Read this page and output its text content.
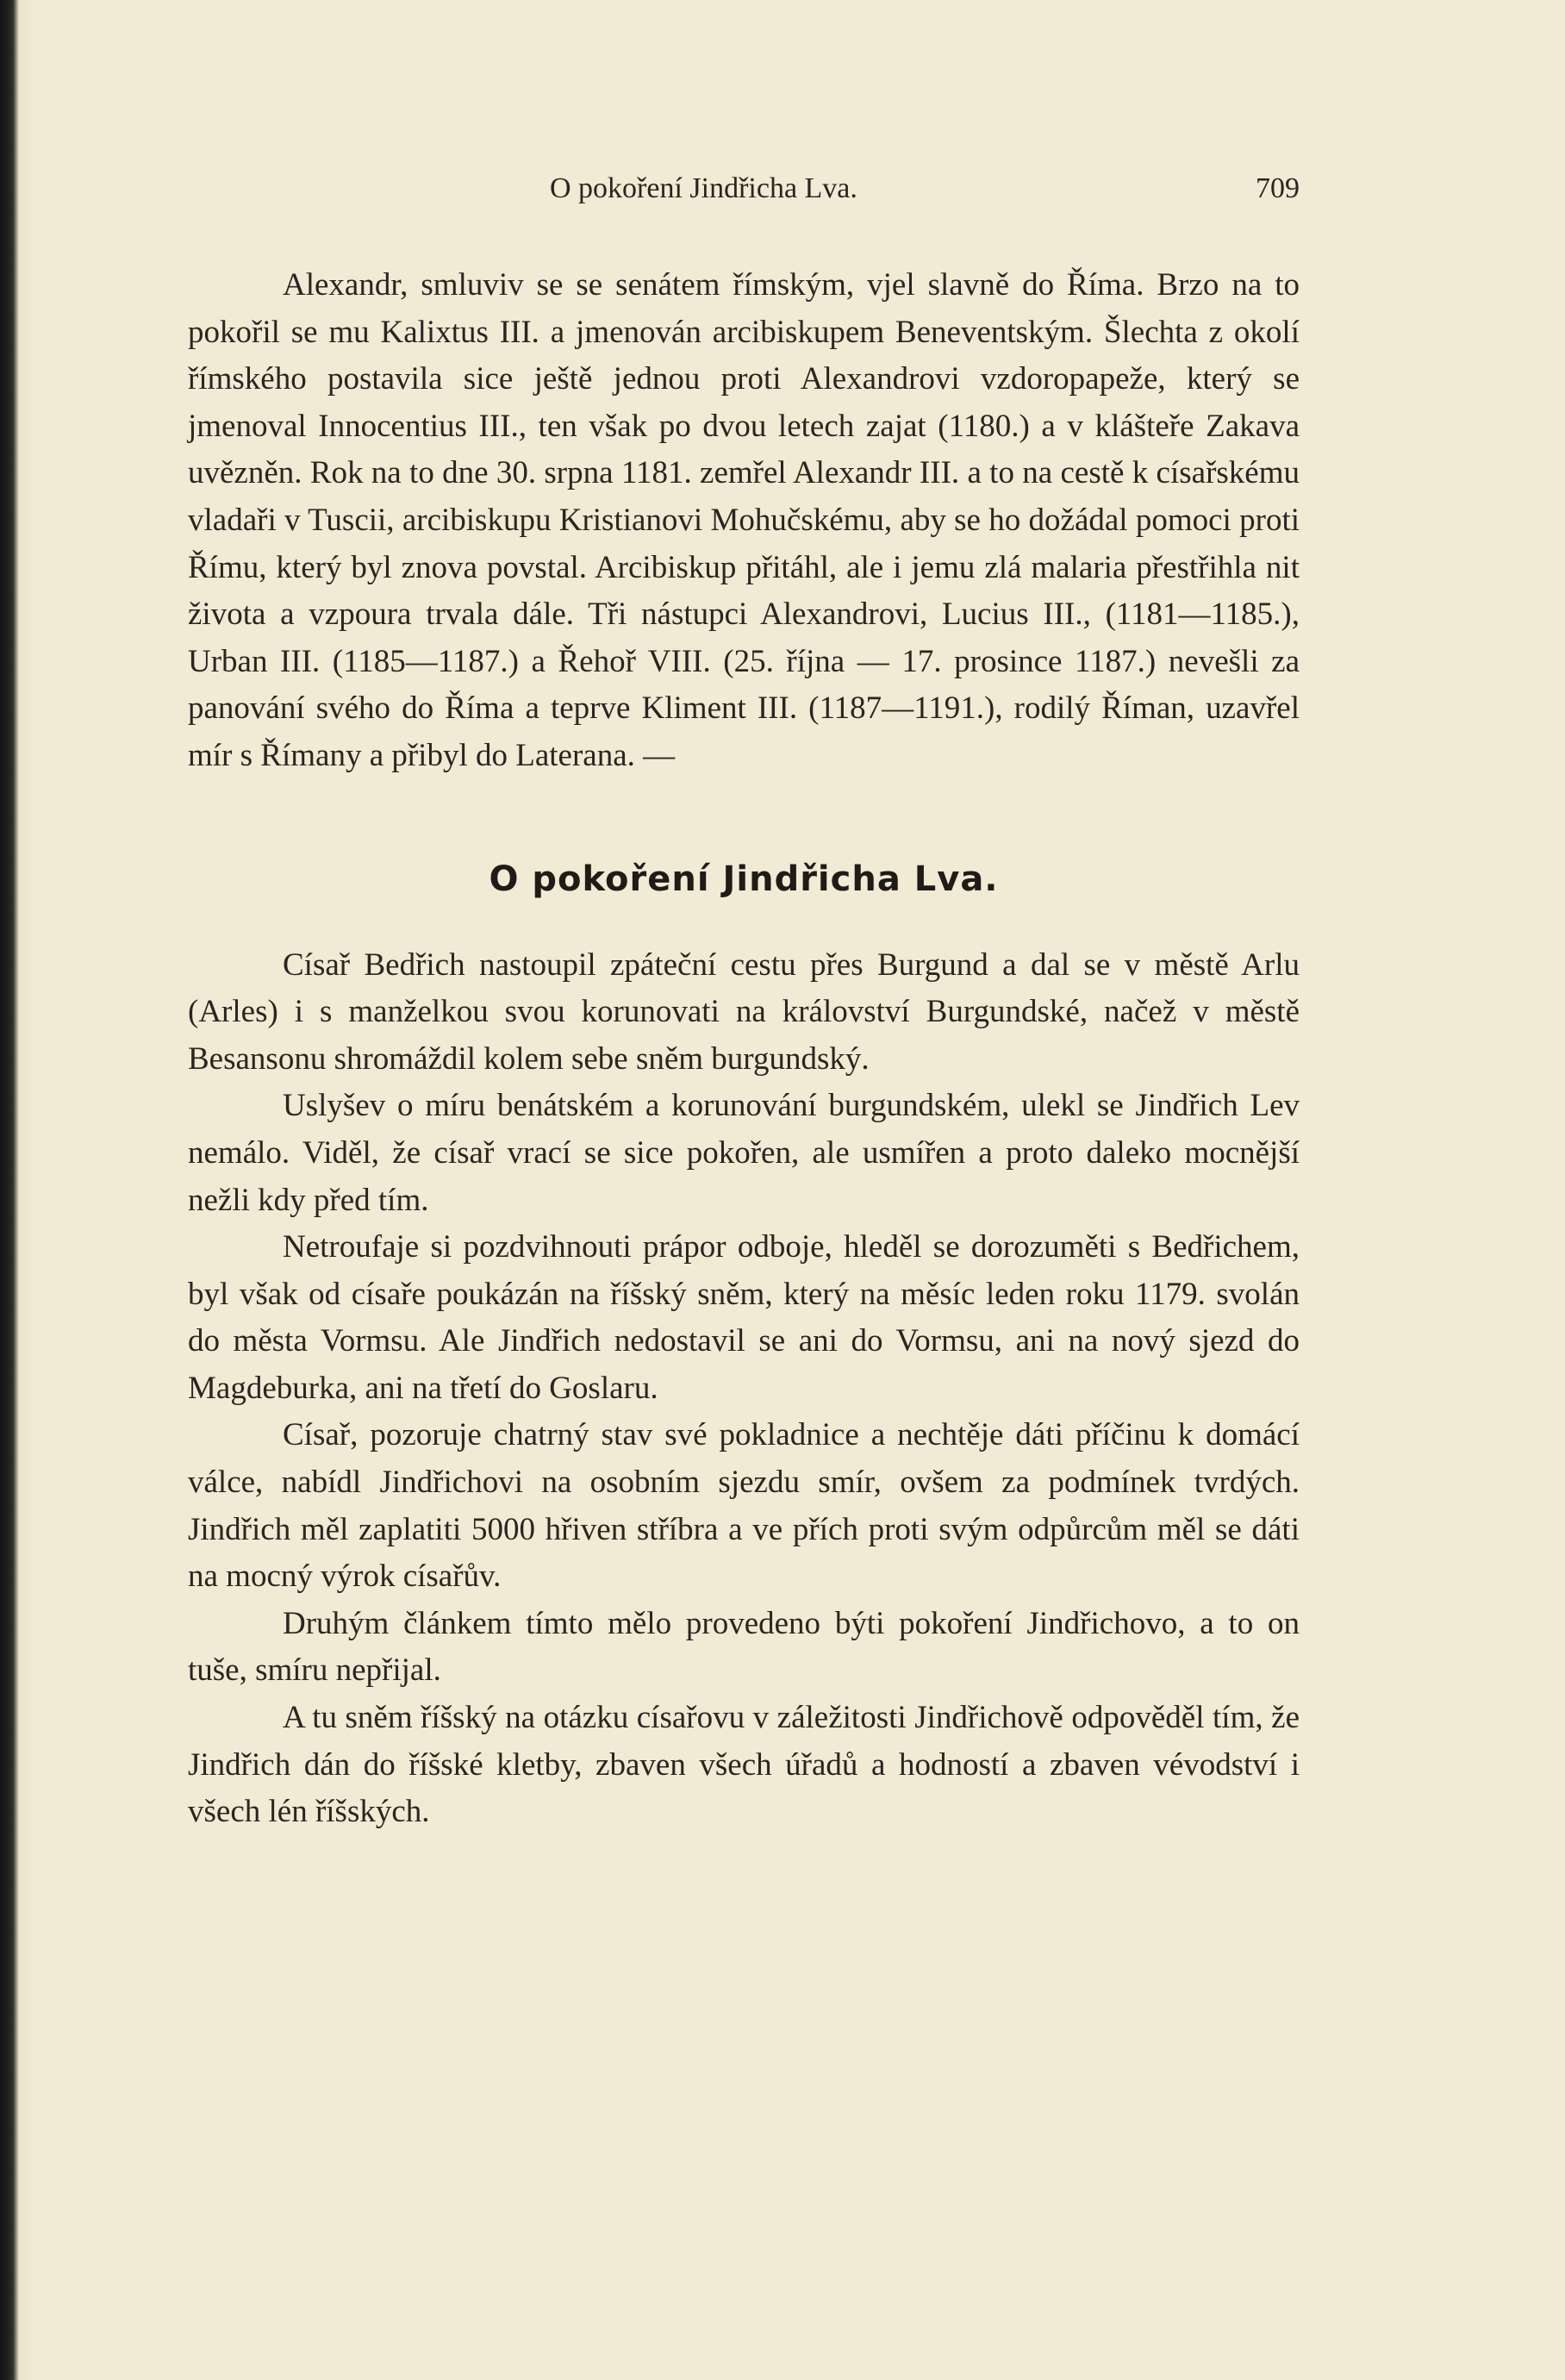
O pokoření Jindřicha Lva.	709

Alexandr, smluviv se se senátem římským, vjel slavně do Říma. Brzo na to pokořil se mu Kalixtus III. a jmenován arcibiskupem Beneventským. Šlechta z okolí římského postavila sice ještě jednou proti Alexandrovi vzdoropapeže, který se jmenoval Innocentius III., ten však po dvou letech zajat (1180.) a v klášteře Zakava uvězněn. Rok na to dne 30. srpna 1181. zemřel Alexandr III. a to na cestě k císařskému vladaři v Tuscii, arcibiskupu Kristianovi Mohučskému, aby se ho dožádal pomoci proti Římu, který byl znova povstal. Arcibiskup přitáhl, ale i jemu zlá malaria přestřihla nit života a vzpoura trvala dále. Tři nástupci Alexandrovi, Lucius III., (1181—1185.), Urban III. (1185—1187.) a Řehoř VIII. (25. října — 17. prosince 1187.) nevešli za panování svého do Říma a teprve Kliment III. (1187—1191.), rodilý Říman, uzavřel mír s Římany a přibyl do Laterana. —

O pokoření Jindřicha Lva.

Císař Bedřich nastoupil zpáteční cestu přes Burgund a dal se v městě Arlu (Arles) i s manželkou svou korunovati na království Burgundské, načež v městě Besansonu shromáždil kolem sebe sněm burgundský.

Uslyšev o míru benátském a korunování burgundském, ulekl se Jindřich Lev nemálo. Viděl, že císař vrací se sice pokořen, ale usmířen a proto daleko mocnější nežli kdy před tím.

Netroufaje si pozdvihnouti prápor odboje, hleděl se dorozuměti s Bedřichem, byl však od císaře poukázán na říšský sněm, který na měsíc leden roku 1179. svolán do města Vormsu. Ale Jindřich nedostavil se ani do Vormsu, ani na nový sjezd do Magdeburka, ani na třetí do Goslaru.

Císař, pozoruje chatrný stav své pokladnice a nechtěje dáti příčinu k domácí válce, nabídl Jindřichovi na osobním sjezdu smír, ovšem za podmínek tvrdých. Jindřich měl zaplatiti 5000 hřiven stříbra a ve přích proti svým odpůrcům měl se dáti na mocný výrok císařův.

Druhým článkem tímto mělo provedeno býti pokoření Jindřichovo, a to on tuše, smíru nepřijal.

A tu sněm říšský na otázku císařovu v záležitosti Jindřichově odpověděl tím, že Jindřich dán do říšské kletby, zbaven všech úřadů a hodností a zbaven vévodství i všech lén říšských.
